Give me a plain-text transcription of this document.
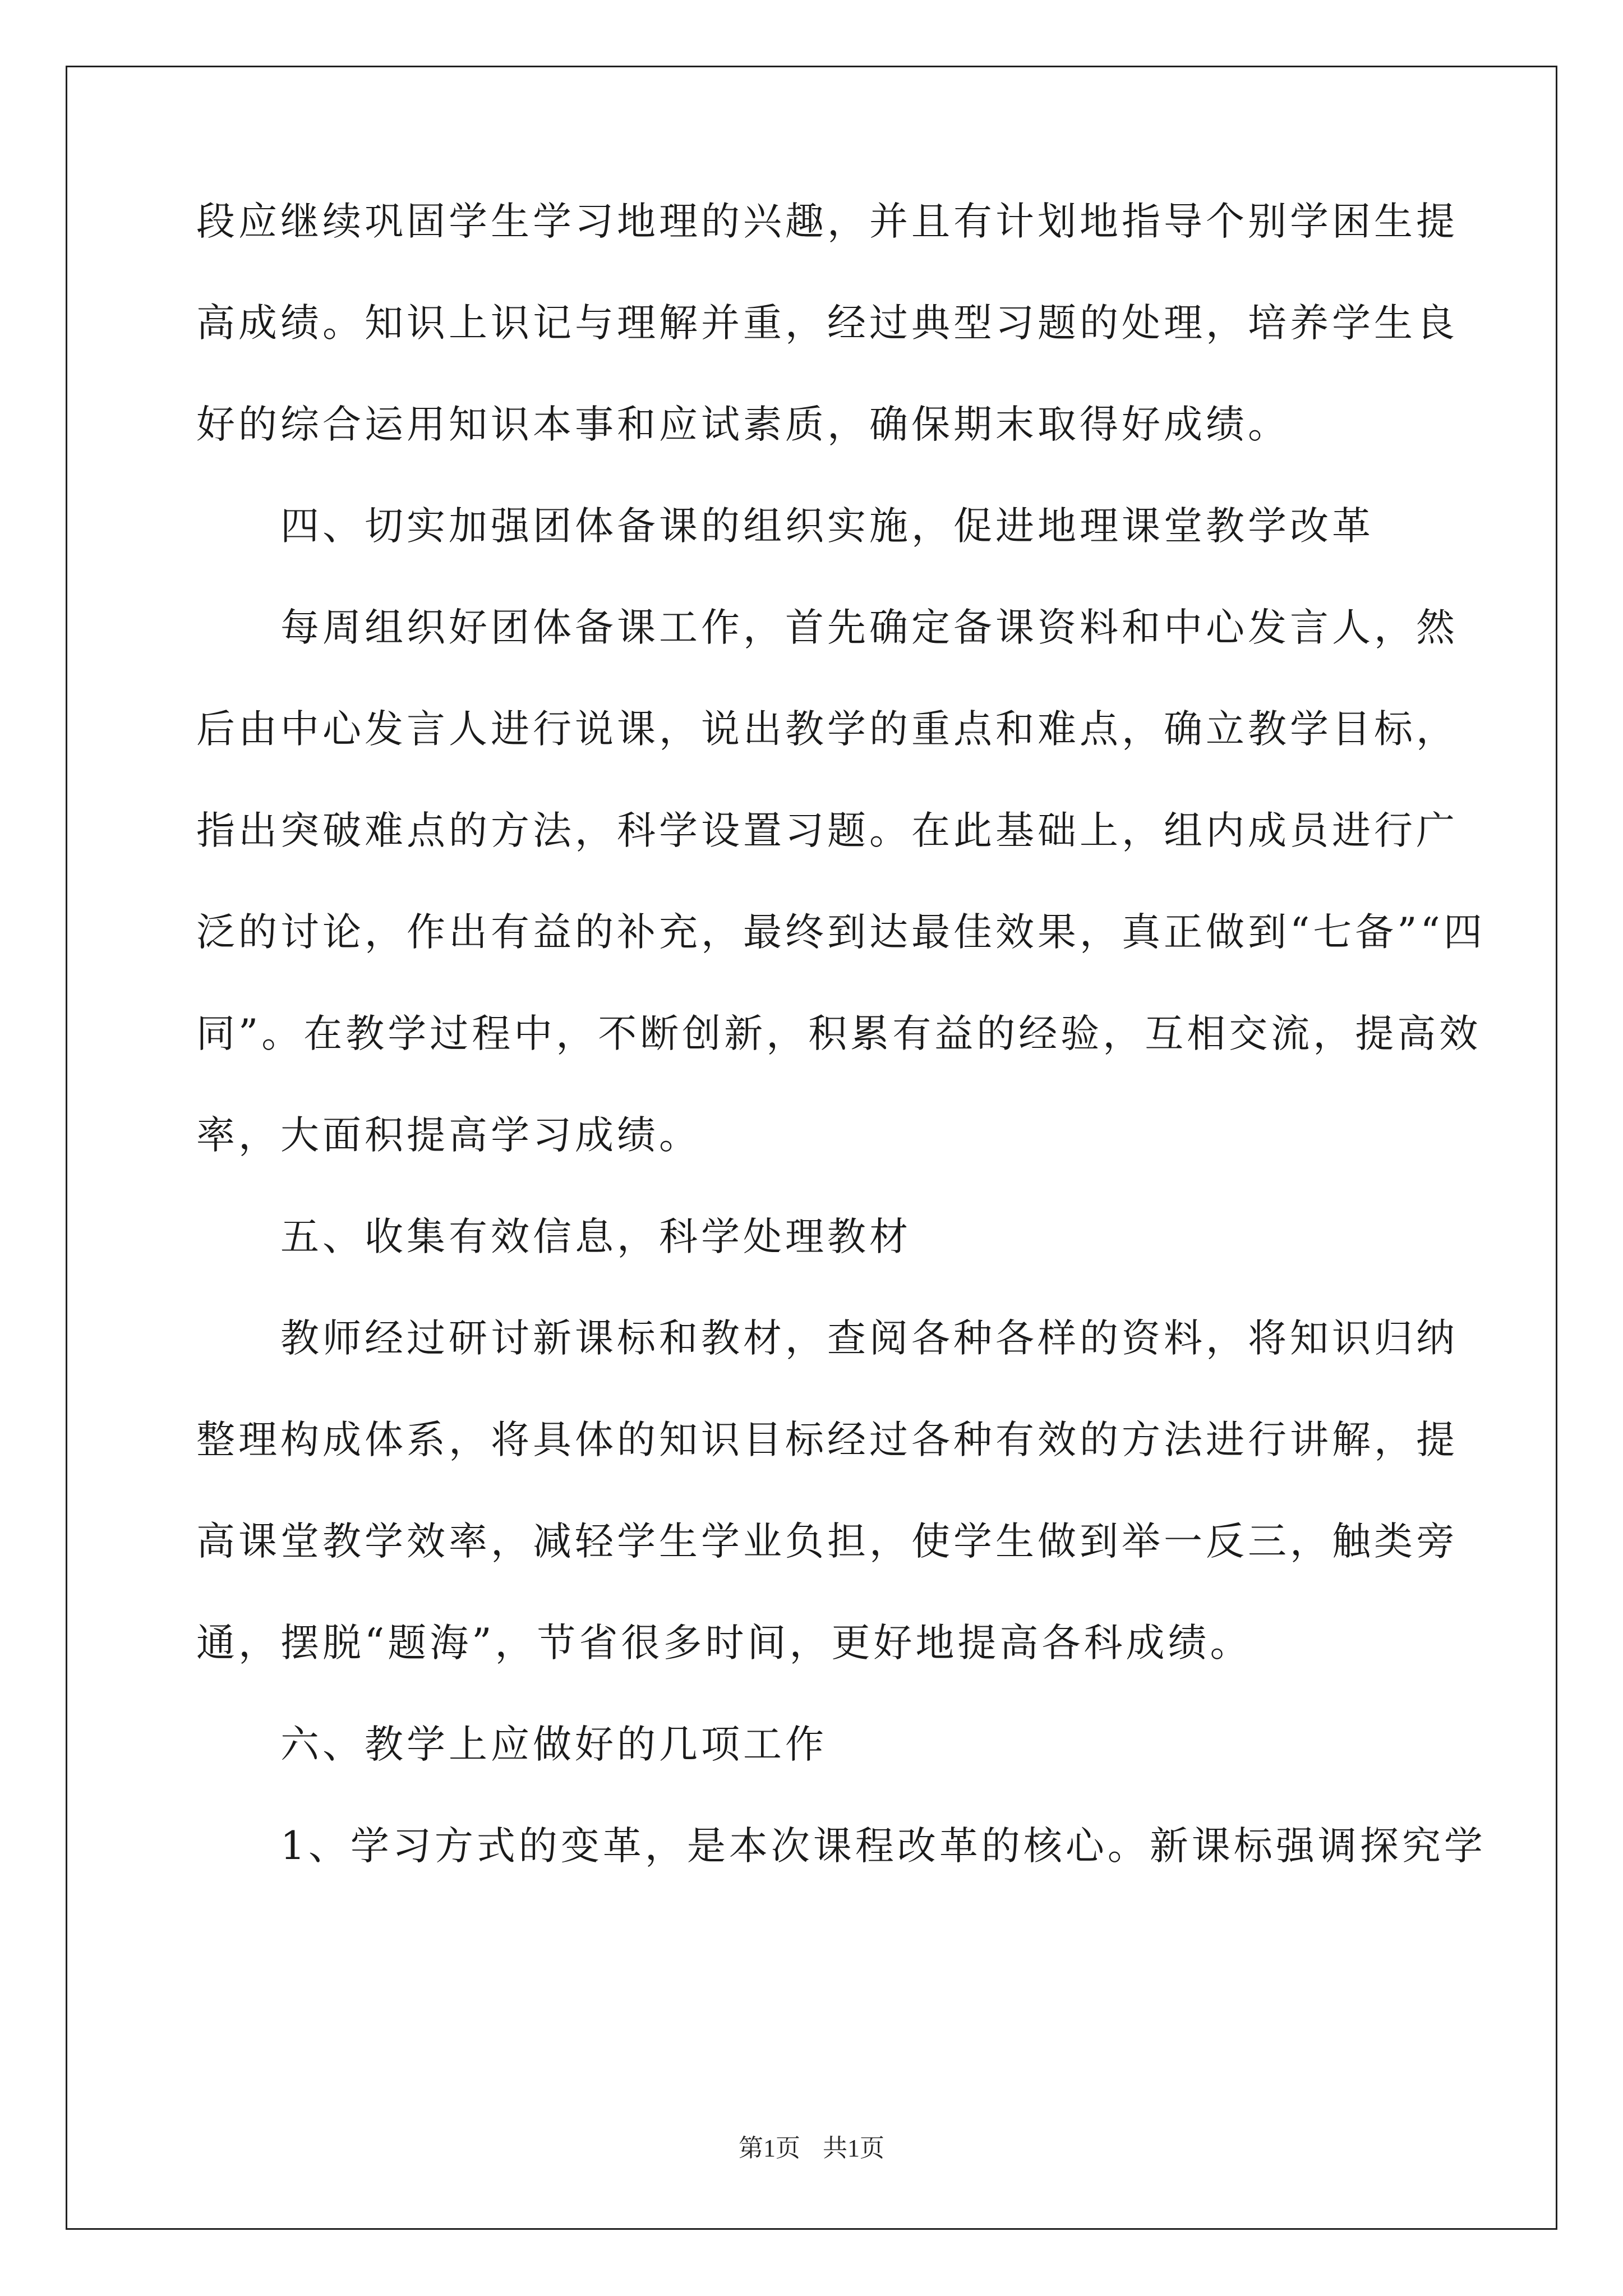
段应继续巩固学生学习地理的兴趣，并且有计划地指导个别学困生提
高成绩。知识上识记与理解并重，经过典型习题的处理，培养学生良
好的综合运用知识本事和应试素质，确保期末取得好成绩。
四、切实加强团体备课的组织实施，促进地理课堂教学改革
每周组织好团体备课工作，首先确定备课资料和中心发言人，然
后由中心发言人进行说课，说出教学的重点和难点，确立教学目标，
指出突破难点的方法，科学设置习题。在此基础上，组内成员进行广
泛的讨论，作出有益的补充，最终到达最佳效果，真正做到“七备”“四
同”。在教学过程中，不断创新，积累有益的经验，互相交流，提高效
率，大面积提高学习成绩。
五、收集有效信息，科学处理教材
教师经过研讨新课标和教材，查阅各种各样的资料，将知识归纳
整理构成体系，将具体的知识目标经过各种有效的方法进行讲解，提
高课堂教学效率，减轻学生学业负担，使学生做到举一反三，触类旁
通，摆脱“题海”，节省很多时间，更好地提高各科成绩。
六、教学上应做好的几项工作
1、学习方式的变革，是本次课程改革的核心。新课标强调探究学
第1页 共1页
